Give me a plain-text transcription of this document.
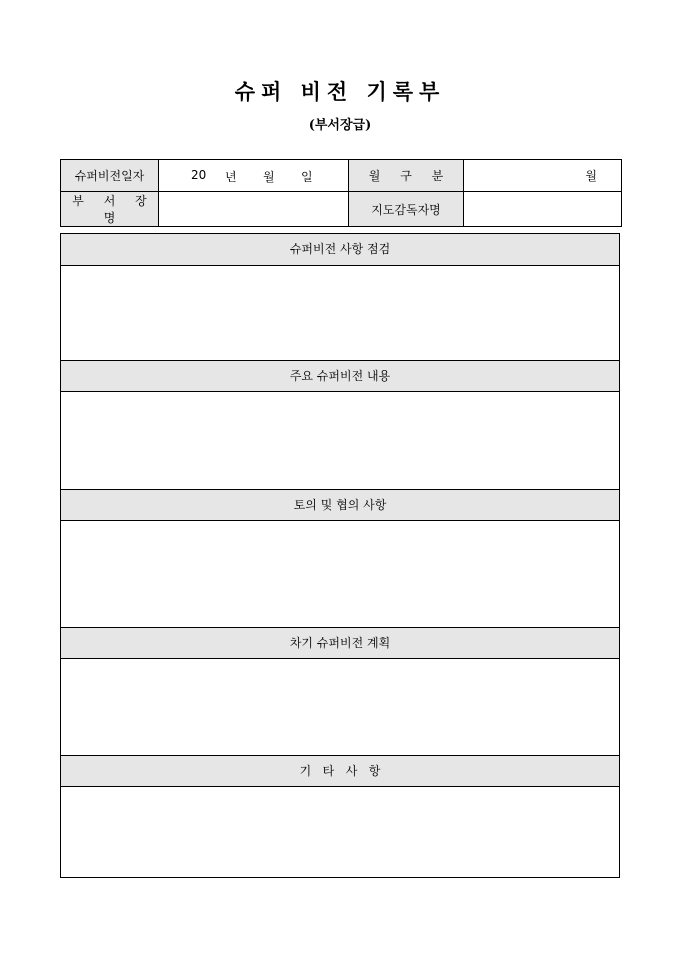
슈퍼 비전 기록부
(부서장급)
슈퍼비전일자	20 년 월 일	월 구 분	월
부 서 장 명		지도감독자명	
슈퍼비전 사항 점검
주요 슈퍼비전 내용
토의 및 협의 사항
차기 슈퍼비전 계획
기   타   사   항
